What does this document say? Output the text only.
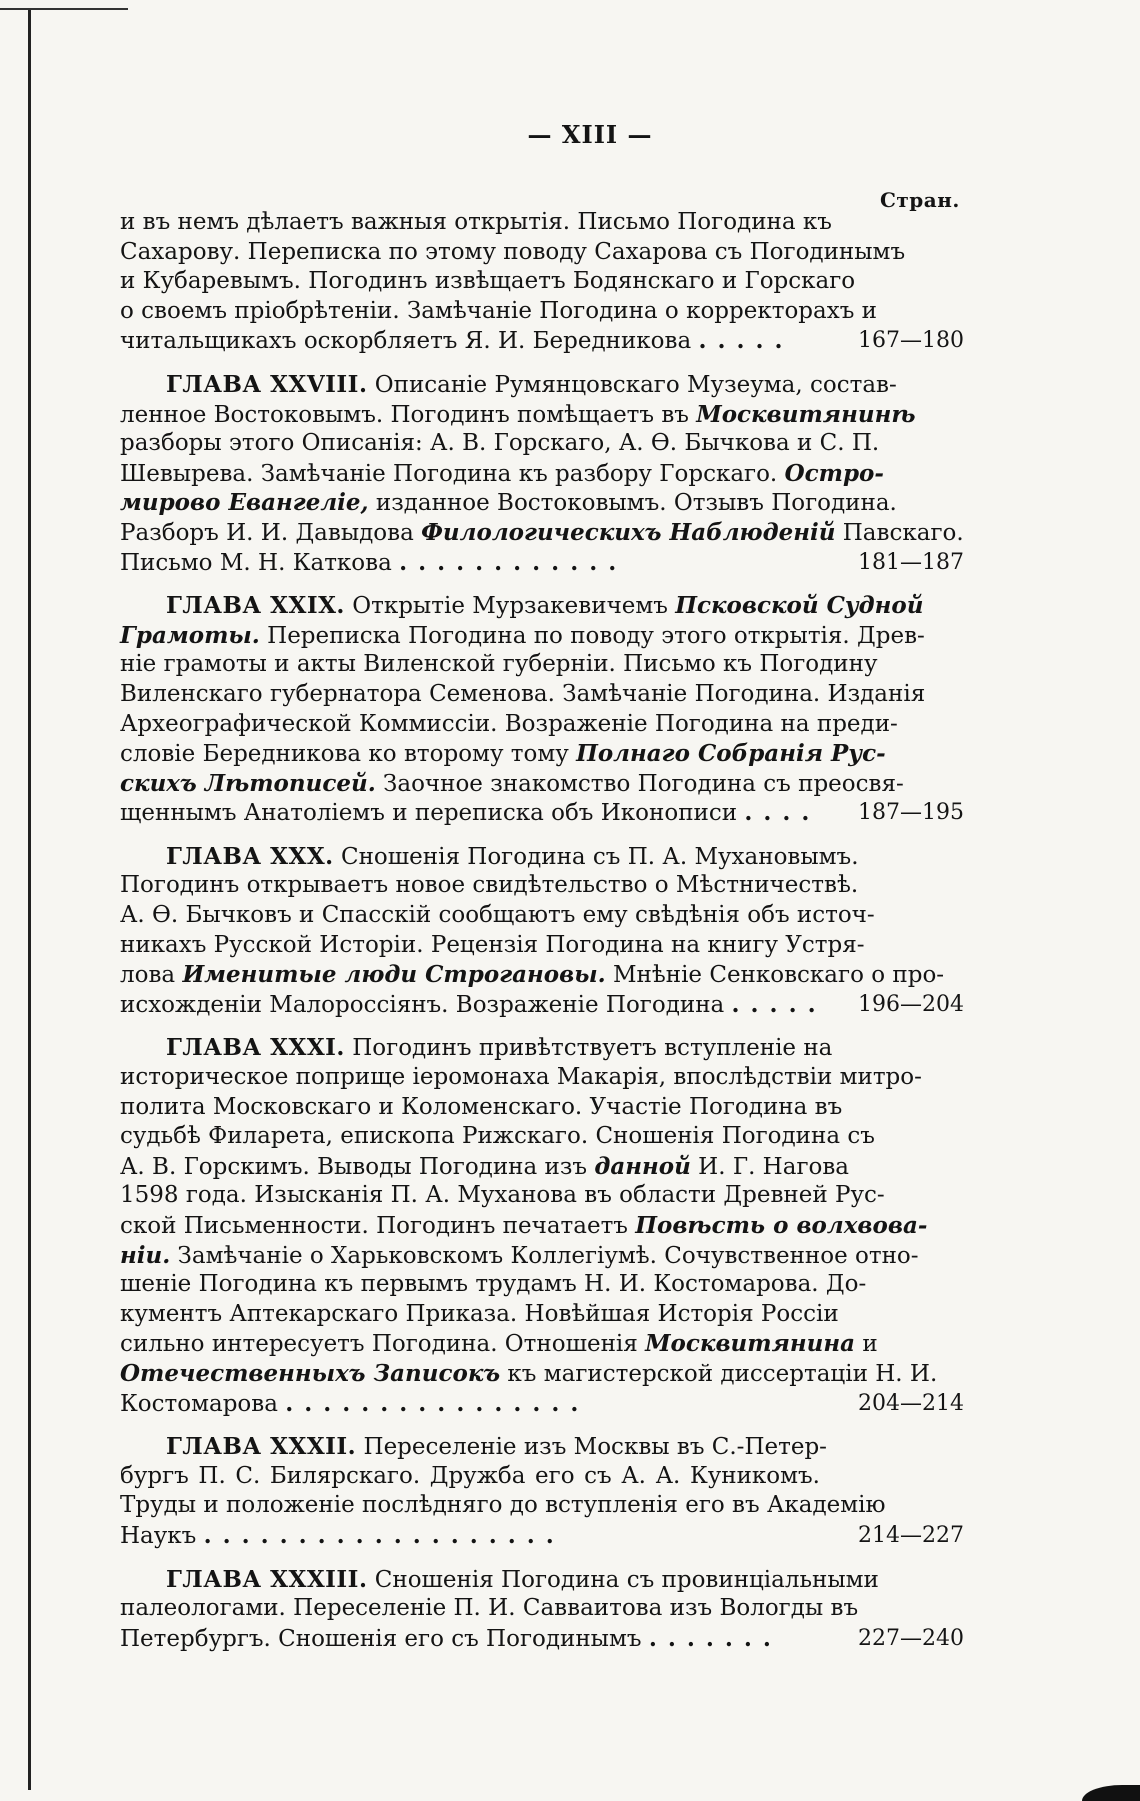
— XIII —
Стран.
и въ немъ дѣлаетъ важныя открытія. Письмо Погодина къ
Сахарову. Переписка по этому поводу Сахарова съ Погодинымъ
и Кубаревымъ. Погодинъ извѣщаетъ Бодянскаго и Горскаго
о своемъ пріобрѣтеніи. Замѣчаніе Погодина о корректорахъ и
читальщикахъ оскорбляетъ Я. И. Бередникова .....	167—180
ГЛАВА XXVIII. Описаніе Румянцовскаго Музеума, состав-
ленное Востоковымъ. Погодинъ помѣщаетъ въ Москвитянинѣ
разборы этого Описанія: А. В. Горскаго, А. Ѳ. Бычкова и С. П.
Шевырева. Замѣчаніе Погодина къ разбору Горскаго. Остро-
мирово Евангеліе, изданное Востоковымъ. Отзывъ Погодина.
Разборъ И. И. Давыдова Филологическихъ Наблюденій Павскаго.
Письмо М. Н. Каткова ............	181—187
ГЛАВА XXIX. Открытіе Мурзакевичемъ Псковской Судной
Грамоты. Переписка Погодина по поводу этого открытія. Древ-
ніе грамоты и акты Виленской губерніи. Письмо къ Погодину
Виленскаго губернатора Семенова. Замѣчаніе Погодина. Изданія
Археографической Коммиссіи. Возраженіе Погодина на преди-
словіе Бередникова ко второму тому Полнаго Собранія Рус-
скихъ Лѣтописей. Заочное знакомство Погодина съ преосвя-
щеннымъ Анатоліемъ и переписка объ Иконописи .... 187—195
ГЛАВА XXX. Сношенія Погодина съ П. А. Мухановымъ.
Погодинъ открываетъ новое свидѣтельство о Мѣстничествѣ.
А. Ѳ. Бычковъ и Спасскій сообщаютъ ему свѣдѣнія объ источ-
никахъ Русской Исторіи. Рецензія Погодина на книгу Устря-
лова Именитые люди Строгановы. Мнѣніе Сенковскаго о про-
исхожденіи Малороссіянъ. Возраженіе Погодина ..... 196—204
ГЛАВА XXXI. Погодинъ привѣтствуетъ вступленіе на
историческое поприще іеромонаха Макарія, впослѣдствіи митро-
полита Московскаго и Коломенскаго. Участіе Погодина въ
судьбѣ Филарета, епископа Рижскаго. Сношенія Погодина съ
А. В. Горскимъ. Выводы Погодина изъ данной И. Г. Нагова
1598 года. Изысканія П. А. Муханова въ области Древней Рус-
ской Письменности. Погодинъ печатаетъ Повѣсть о волхвова-
ніи. Замѣчаніе о Харьковскомъ Коллегіумѣ. Сочувственное отно-
шеніе Погодина къ первымъ трудамъ Н. И. Костомарова. До-
кументъ Аптекарскаго Приказа. Новѣйшая Исторія Россіи
сильно интересуетъ Погодина. Отношенія Москвитянина и
Отечественныхъ Записокъ къ магистерской диссертаціи Н. И.
Костомарова ................	204—214
ГЛАВА XXXII. Переселеніе изъ Москвы въ С.-Петер-
бургъ П. С. Билярскаго. Дружба его съ А. А. Куникомъ.
Труды и положеніе послѣдняго до вступленія его въ Академію
Наукъ ...................	214—227
ГЛАВА XXXIII. Сношенія Погодина съ провинціальными
палеологами. Переселеніе П. И. Савваитова изъ Вологды въ
Петербургъ. Сношенія его съ Погодинымъ .......	227—240
